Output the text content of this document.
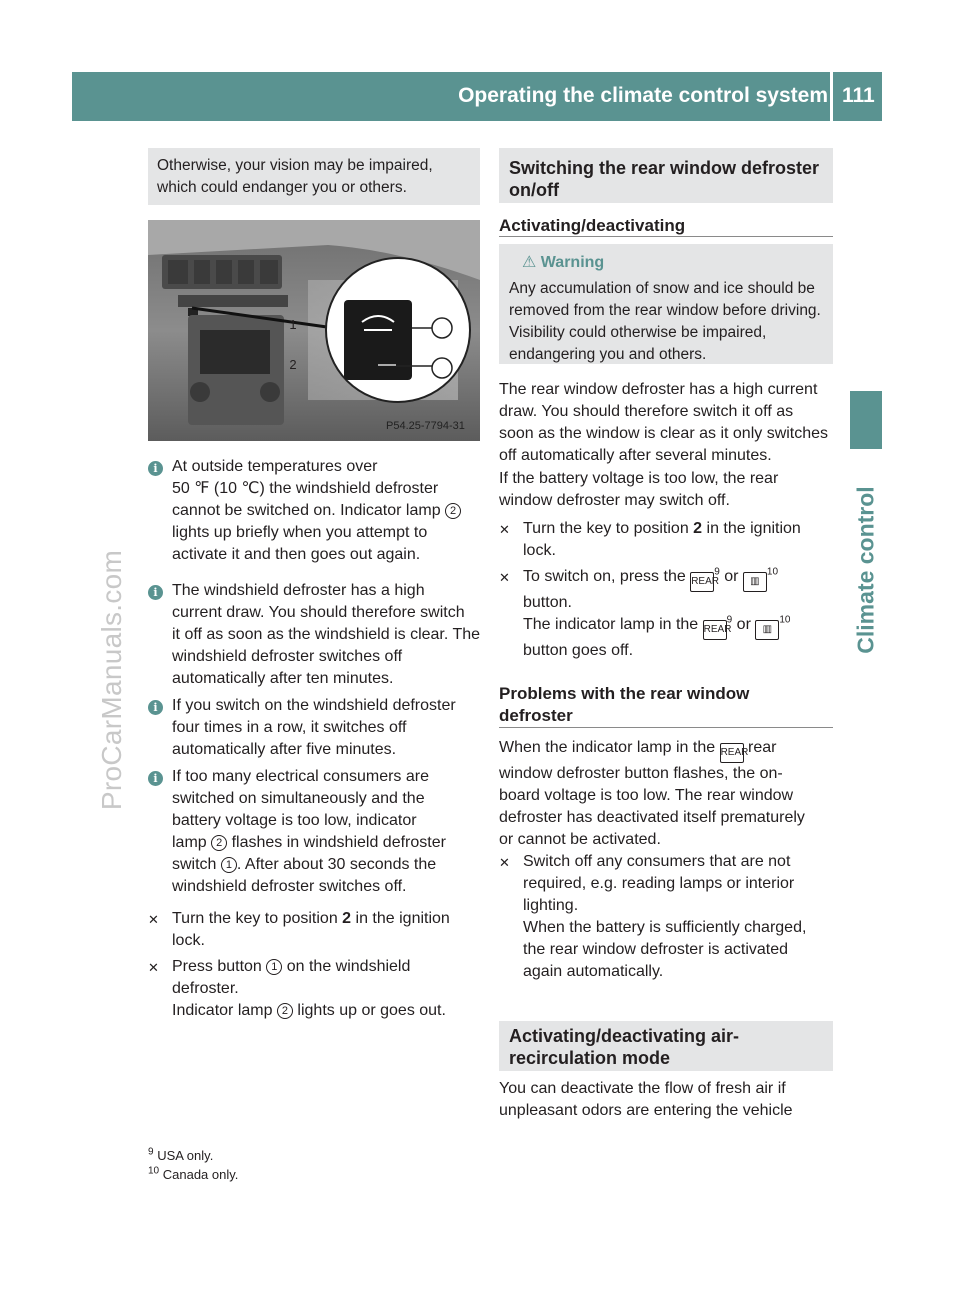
Operating the climate control system 111
Climate control
ProCarManuals.com
Otherwise, your vision may be impaired,
which could endanger you or others.
1
2
P54.25-7794-31
i At outside temperatures over
50 ℉ (10 ℃) the windshield defroster
cannot be switched on. Indicator lamp 2
lights up briefly when you attempt to
activate it and then goes out again.
i The windshield defroster has a high
current draw. You should therefore switch
it off as soon as the windshield is clear. The
windshield defroster switches off
automatically after ten minutes.
i If you switch on the windshield defroster
four times in a row, it switches off
automatically after five minutes.
i If too many electrical consumers are
switched on simultaneously and the
battery voltage is too low, indicator
lamp 2 flashes in windshield defroster
switch 1 . After about 30 seconds the
windshield defroster switches off.
✕ Turn the key to position 2 in the ignition
lock.
✕ Press button 1 on the windshield
defroster.
Indicator lamp 2 lights up or goes out.
Switching the rear window defroster
on/off
Activating/deactivating
⚠ Warning
Any accumulation of snow and ice should be
removed from the rear window before driving.
Visibility could otherwise be impaired,
endangering you and others.
The rear window defroster has a high current
draw. You should therefore switch it off as
soon as the window is clear as it only switches
off automatically after several minutes.
If the battery voltage is too low, the rear
window defroster may switch off.
✕ Turn the key to position 2 in the ignition
lock.
✕ To switch on, press the REAR$^9$ or ▥$^{10}$
button.
The indicator lamp in the REAR$^9$ or ▥$^{10}$
button goes off.
Problems with the rear window
defroster
When the indicator lamp in the REAR rear
window defroster button flashes, the on-
board voltage is too low. The rear window
defroster has deactivated itself prematurely
or cannot be activated.
✕ Switch off any consumers that are not
required, e.g. reading lamps or interior
lighting.
When the battery is sufficiently charged,
the rear window defroster is activated
again automatically.
Activating/deactivating air-
recirculation mode
You can deactivate the flow of fresh air if
unpleasant odors are entering the vehicle
$^9$ USA only.
$^{10}$ Canada only.
